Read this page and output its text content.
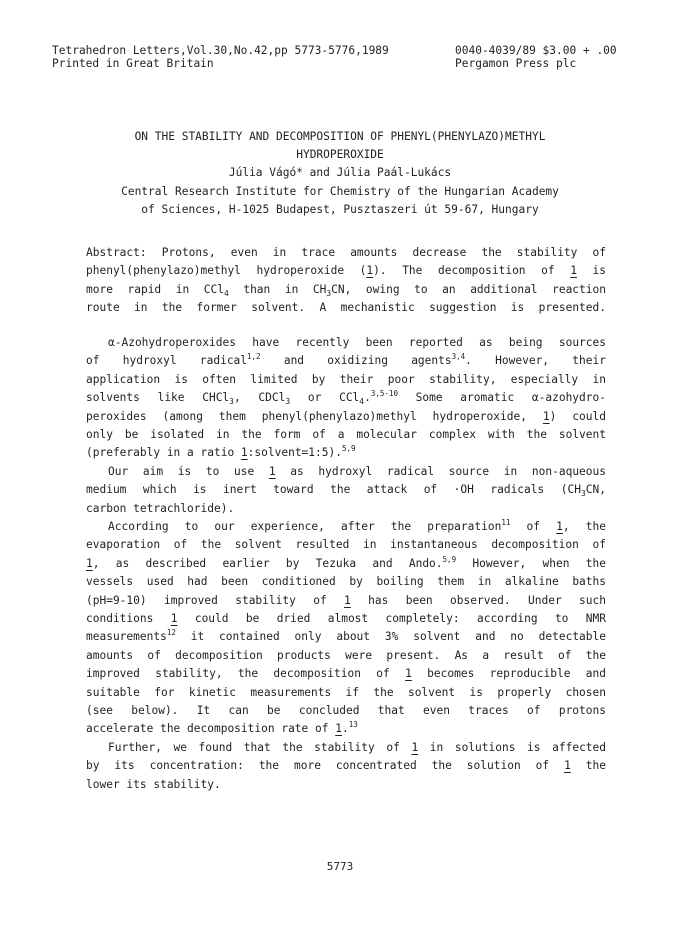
Tetrahedron Letters,Vol.30,No.42,pp 5773-5776,1989
Printed in Great Britain
0040-4039/89 $3.00 + .00
Pergamon Press plc
ON THE STABILITY AND DECOMPOSITION OF PHENYL(PHENYLAZO)METHYL
HYDROPEROXIDE
Júlia Vágó* and Júlia Paál-Lukács
Central Research Institute for Chemistry of the Hungarian Academy
of Sciences, H-1025 Budapest, Pusztaszeri út 59-67, Hungary
Abstract: Protons, even in trace amounts decrease the stability of
phenyl(phenylazo)methyl hydroperoxide (1). The decomposition of 1 is
more rapid in CCl$_4$ than in $CH_3CN$, owing to an additional reaction
route in the former solvent. A mechanistic suggestion is presented.
α-Azohydroperoxides have recently been reported as being sources
of hydroxyl radical$^{1,2}$ and oxidizing agents$^{3,4}$. However, their
application is often limited by their poor stability, especially in
solvents like CHCl$_3$, CDCl$_3$ or CCl$_4$.$^{3,5-10}$ Some aromatic α-azohydro-
peroxides (among them phenyl(phenylazo)methyl hydroperoxide, 1) could
only be isolated in the form of a molecular complex with the solvent
(preferably in a ratio 1:solvent=1:5).$^{5,9}$
Our aim is to use 1 as hydroxyl radical source in non-aqueous
medium which is inert toward the attack of ·OH radicals ($CH_3CN$,
carbon tetrachloride).
According to our experience, after the preparation$^{11}$ of 1, the
evaporation of the solvent resulted in instantaneous decomposition of
1, as described earlier by Tezuka and Ando.$^{5,9}$ However, when the
vessels used had been conditioned by boiling them in alkaline baths
(pH=9-10) improved stability of 1 has been observed. Under such
conditions 1 could be dried almost completely: according to NMR
measurements$^{12}$ it contained only about 3% solvent and no detectable
amounts of decomposition products were present. As a result of the
improved stability, the decomposition of 1 becomes reproducible and
suitable for kinetic measurements if the solvent is properly chosen
(see below). It can be concluded that even traces of protons
accelerate the decomposition rate of 1.13
Further, we found that the stability of 1 in solutions is affected
by its concentration: the more concentrated the solution of 1 the
lower its stability.
5773
